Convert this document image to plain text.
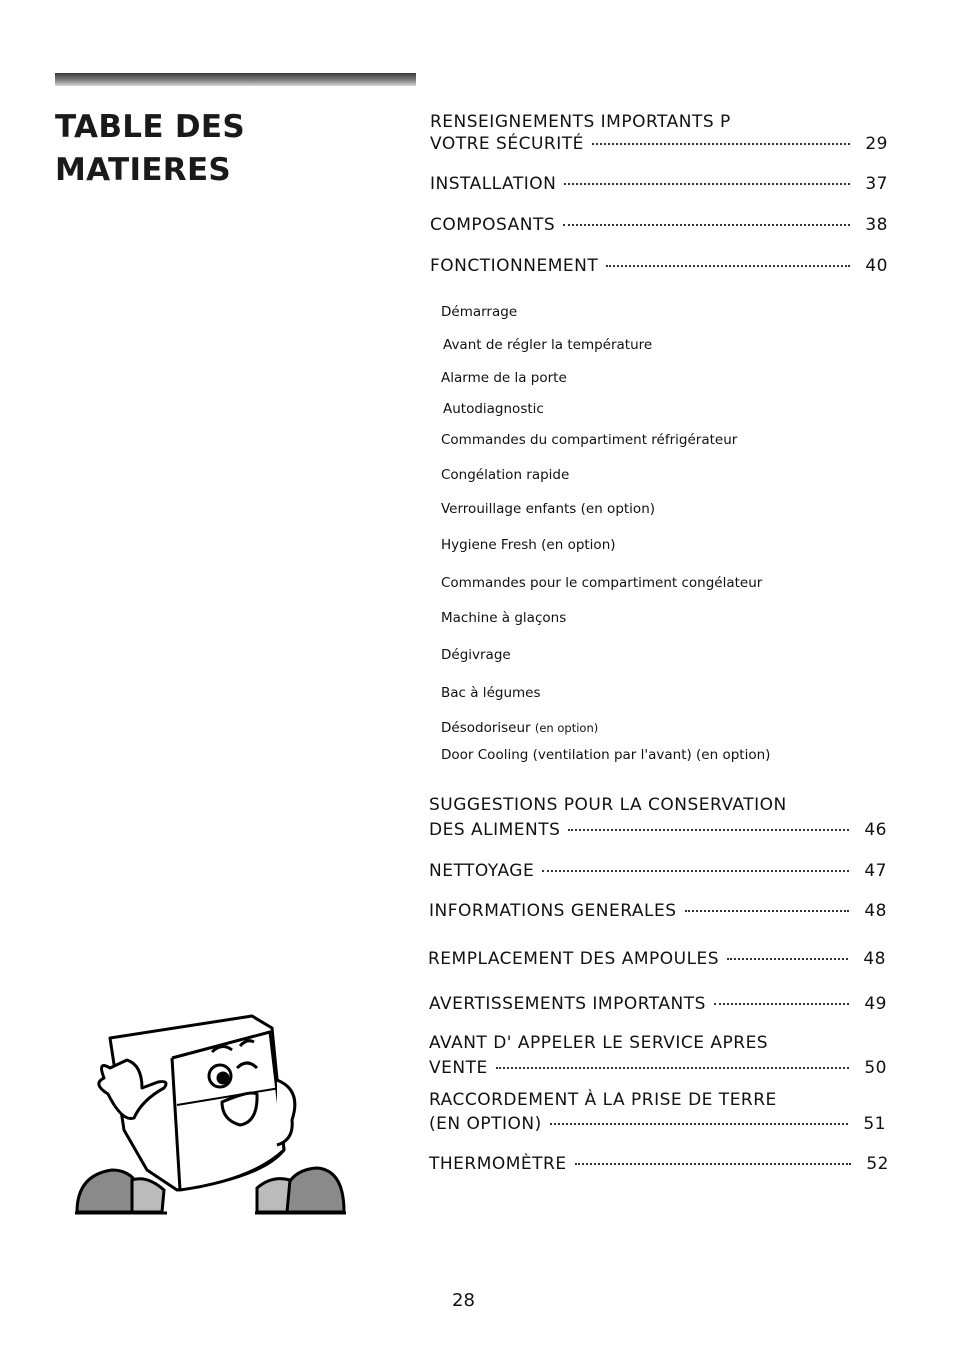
TABLE DES
MATIERES
RENSEIGNEMENTS IMPORTANTS P
VOTRE SÉCURITÉ	29
INSTALLATION	37
COMPOSANTS	38
FONCTIONNEMENT	40
Démarrage
Avant de régler la température
Alarme de la porte
Autodiagnostic
Commandes du compartiment réfrigérateur
Congélation rapide
Verrouillage enfants (en option)
Hygiene Fresh (en option)
Commandes pour le compartiment congélateur
Machine à glaçons
Dégivrage
Bac à légumes
Désodoriseur (en option)
Door Cooling (ventilation par l'avant) (en option)
SUGGESTIONS POUR LA CONSERVATION
DES ALIMENTS	46
NETTOYAGE	47
INFORMATIONS GENERALES	48
REMPLACEMENT DES AMPOULES	48
AVERTISSEMENTS IMPORTANTS	49
AVANT D' APPELER LE SERVICE APRES
VENTE	50
RACCORDEMENT À LA PRISE DE TERRE
(EN OPTION)	51
THERMOMÈTRE	52
28
